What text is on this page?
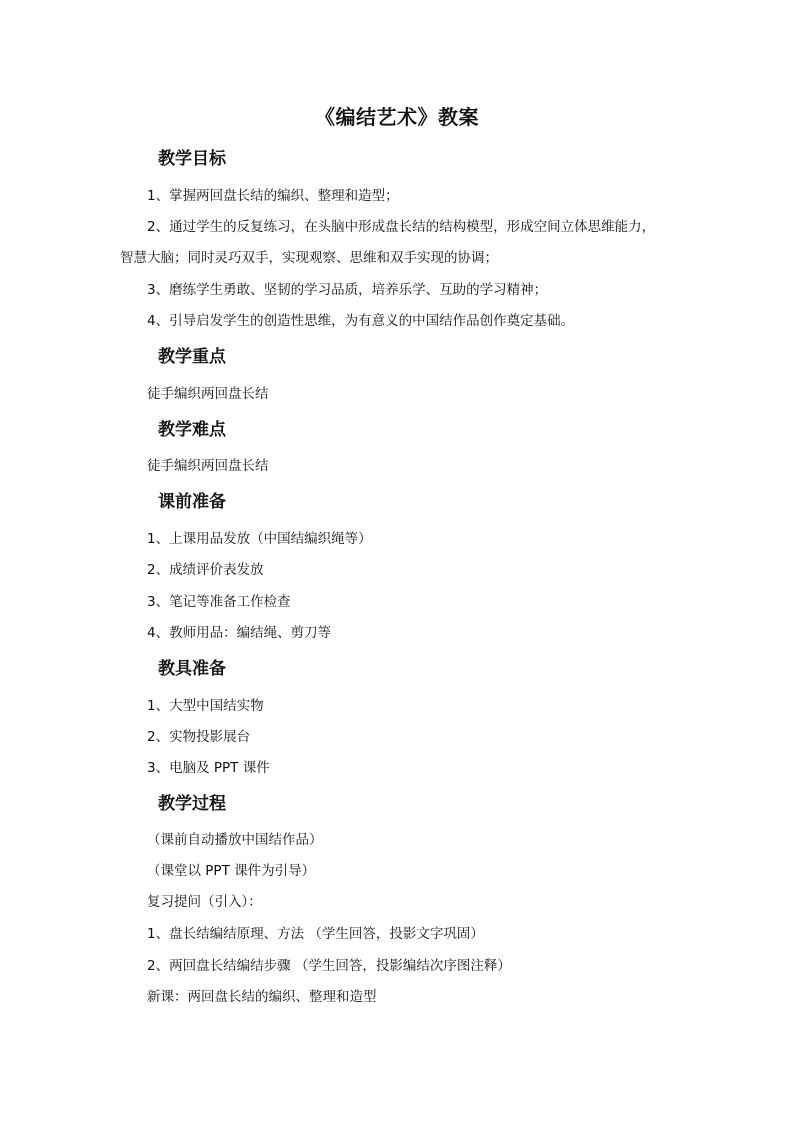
《编结艺术》教案
教学目标
1、掌握两回盘长结的编织、整理和造型；
2、通过学生的反复练习，在头脑中形成盘长结的结构模型，形成空间立体思维能力，
智慧大脑；同时灵巧双手，实现观察、思维和双手实现的协调；
3、磨练学生勇敢、坚韧的学习品质，培养乐学、互助的学习精神；
4、引导启发学生的创造性思维，为有意义的中国结作品创作奠定基础。
教学重点
徒手编织两回盘长结
教学难点
徒手编织两回盘长结
课前准备
1、上课用品发放（中国结编织绳等）
2、成绩评价表发放
3、笔记等准备工作检查
4、教师用品：编结绳、剪刀等
教具准备
1、大型中国结实物
2、实物投影展台
3、电脑及 PPT 课件
教学过程
（课前自动播放中国结作品）
（课堂以 PPT 课件为引导）
复习提问（引入）：
1、盘长结编结原理、方法 （学生回答，投影文字巩固）
2、两回盘长结编结步骤 （学生回答，投影编结次序图注释）
新课：两回盘长结的编织、整理和造型
